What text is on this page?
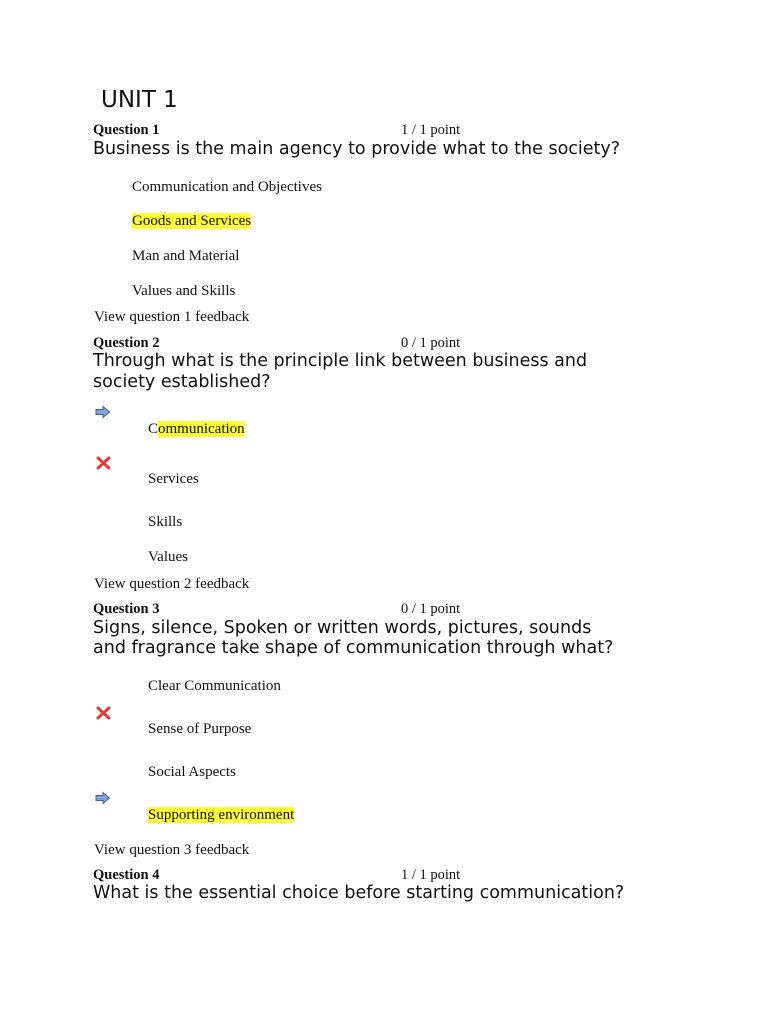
UNIT 1
Question 1	1 / 1 point
Business is the main agency to provide what to the society?
Communication and Objectives
Goods and Services
Man and Material
Values and Skills
View question 1 feedback
Question 2	0 / 1 point
Through what is the principle link between business and
society established?
Communication
Services
Skills
Values
View question 2 feedback
Question 3	0 / 1 point
Signs, silence, Spoken or written words, pictures, sounds
and fragrance take shape of communication through what?
Clear Communication
Sense of Purpose
Social Aspects
Supporting environment
View question 3 feedback
Question 4	1 / 1 point
What is the essential choice before starting communication?
